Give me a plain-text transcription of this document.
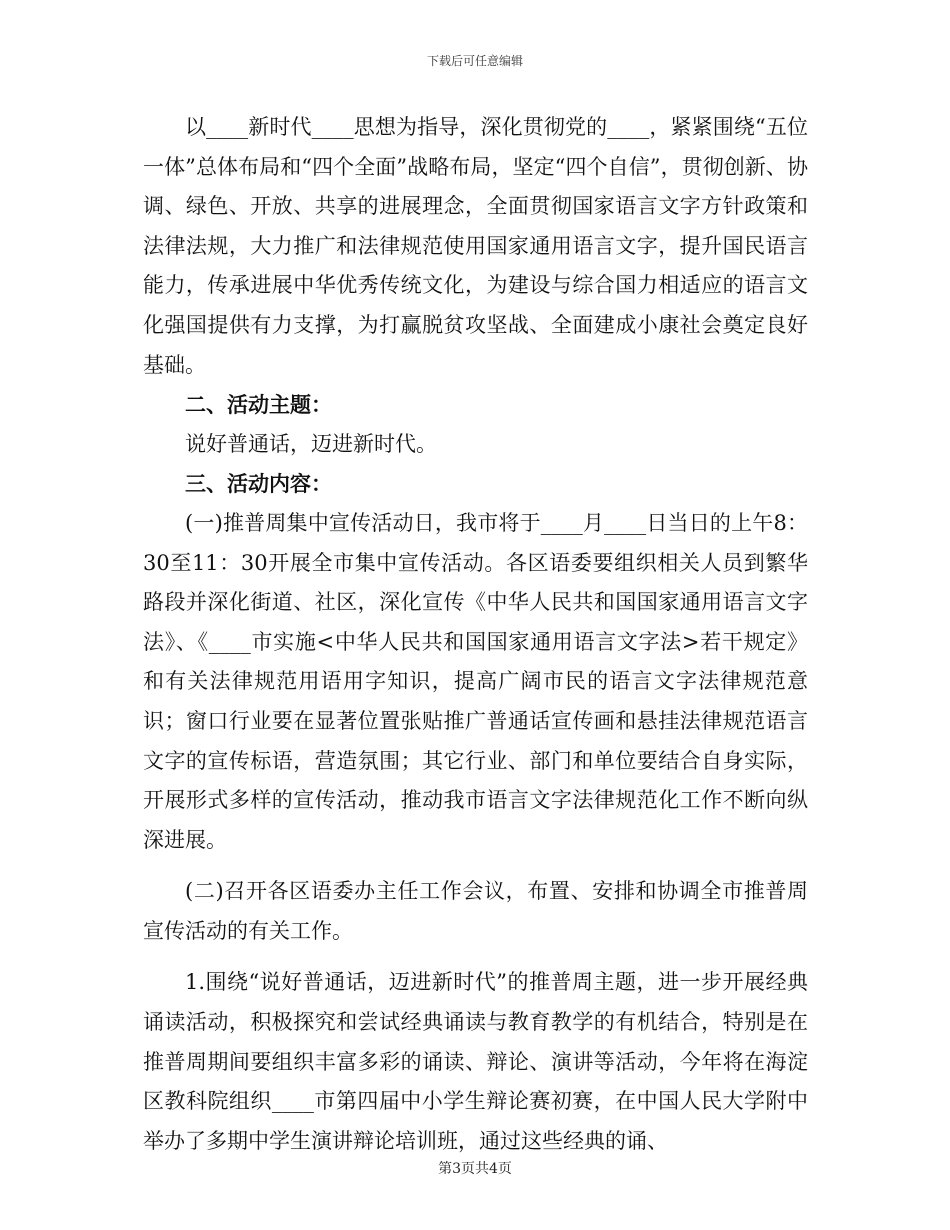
下载后可任意编辑

以____新时代____思想为指导，深化贯彻党的____，紧紧围绕“五位一体”总体布局和“四个全面”战略布局，坚定“四个自信”，贯彻创新、协调、绿色、开放、共享的进展理念，全面贯彻国家语言文字方针政策和法律法规，大力推广和法律规范使用国家通用语言文字，提升国民语言能力，传承进展中华优秀传统文化，为建设与综合国力相适应的语言文化强国提供有力支撑，为打赢脱贫攻坚战、全面建成小康社会奠定良好基础。

二、活动主题：

说好普通话，迈进新时代。

三、活动内容：

(一)推普周集中宣传活动日，我市将于____月____日当日的上午8：30至11：30开展全市集中宣传活动。各区语委要组织相关人员到繁华路段并深化街道、社区，深化宣传《中华人民共和国国家通用语言文字法》、《____市实施<中华人民共和国国家通用语言文字法>若干规定》和有关法律规范用语用字知识，提高广阔市民的语言文字法律规范意识；窗口行业要在显著位置张贴推广普通话宣传画和悬挂法律规范语言文字的宣传标语，营造氛围；其它行业、部门和单位要结合自身实际，开展形式多样的宣传活动，推动我市语言文字法律规范化工作不断向纵深进展。

(二)召开各区语委办主任工作会议，布置、安排和协调全市推普周宣传活动的有关工作。

1.围绕“说好普通话，迈进新时代”的推普周主题，进一步开展经典诵读活动，积极探究和尝试经典诵读与教育教学的有机结合，特别是在推普周期间要组织丰富多彩的诵读、辩论、演讲等活动，今年将在海淀区教科院组织____市第四届中小学生辩论赛初赛，在中国人民大学附中举办了多期中学生演讲辩论培训班，通过这些经典的诵、

第3页共4页
